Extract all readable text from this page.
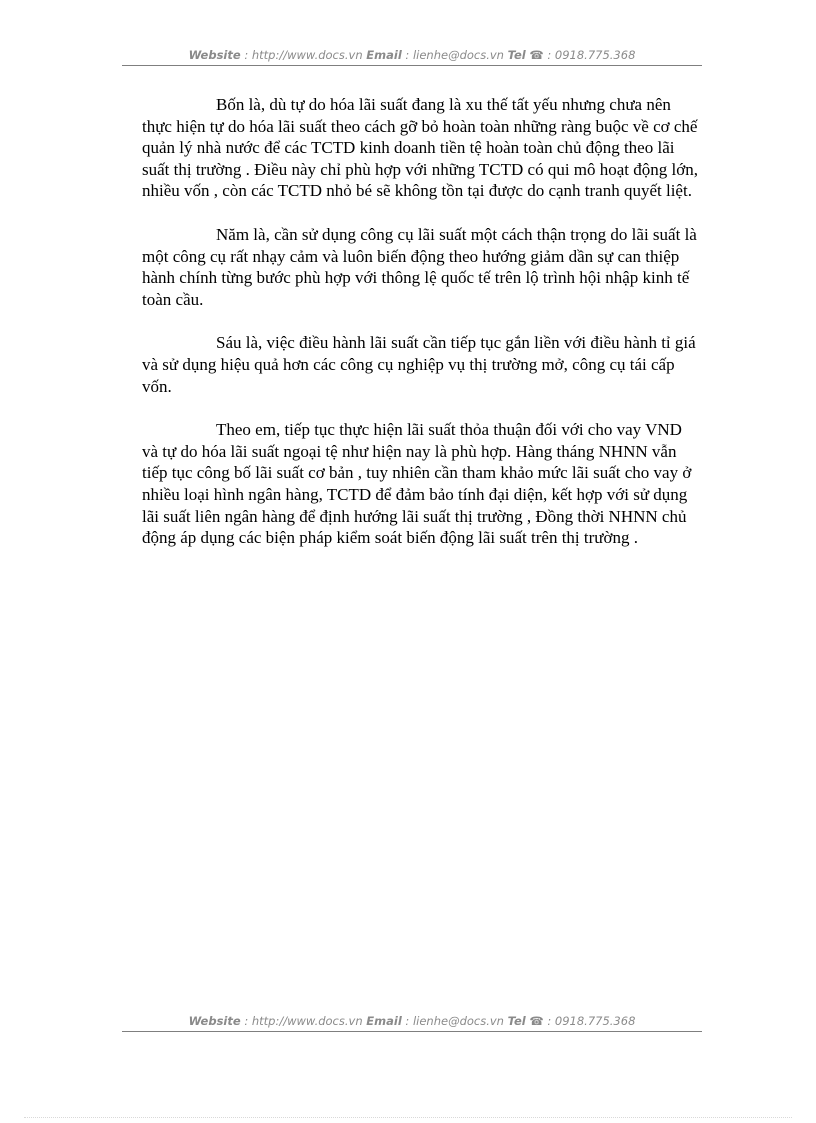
Website : http://www.docs.vn Email : lienhe@docs.vn Tel ☎ : 0918.775.368

Bốn là, dù tự do hóa lãi suất đang là xu thế tất yếu nhưng chưa nên thực hiện tự do hóa lãi suất theo cách gỡ bỏ hoàn toàn những ràng buộc về cơ chế quản lý nhà nước để các TCTD kinh doanh tiền tệ hoàn toàn chủ động theo lãi suất thị trường . Điều này chỉ phù hợp với những TCTD có qui mô hoạt động lớn, nhiều vốn , còn các TCTD nhỏ bé sẽ không tồn tại được do cạnh tranh quyết liệt.

Năm là, cần sử dụng công cụ lãi suất một cách thận trọng do lãi suất là một công cụ rất nhạy cảm và luôn biến động theo hướng giảm dần sự can thiệp hành chính từng bước phù hợp với thông lệ quốc tế trên lộ trình hội nhập kinh tế toàn cầu.

Sáu là, việc điều hành lãi suất cần tiếp tục gắn liền với điều hành tỉ giá và sử dụng hiệu quả hơn các công cụ nghiệp vụ thị trường mở, công cụ tái cấp vốn.

Theo em, tiếp tục thực hiện lãi suất thỏa thuận đối với cho vay VND và tự do hóa lãi suất ngoại tệ như hiện nay là phù hợp. Hàng tháng NHNN vẫn tiếp tục công bố lãi suất cơ bản , tuy nhiên cần tham khảo mức lãi suất cho vay ở nhiều loại hình ngân hàng, TCTD để đảm bảo tính đại diện, kết hợp với sử dụng lãi suất liên ngân hàng để định hướng lãi suất thị trường , Đồng thời NHNN chủ động áp dụng các biện pháp kiểm soát biến động lãi suất trên thị trường .

Website : http://www.docs.vn Email : lienhe@docs.vn Tel ☎ : 0918.775.368
